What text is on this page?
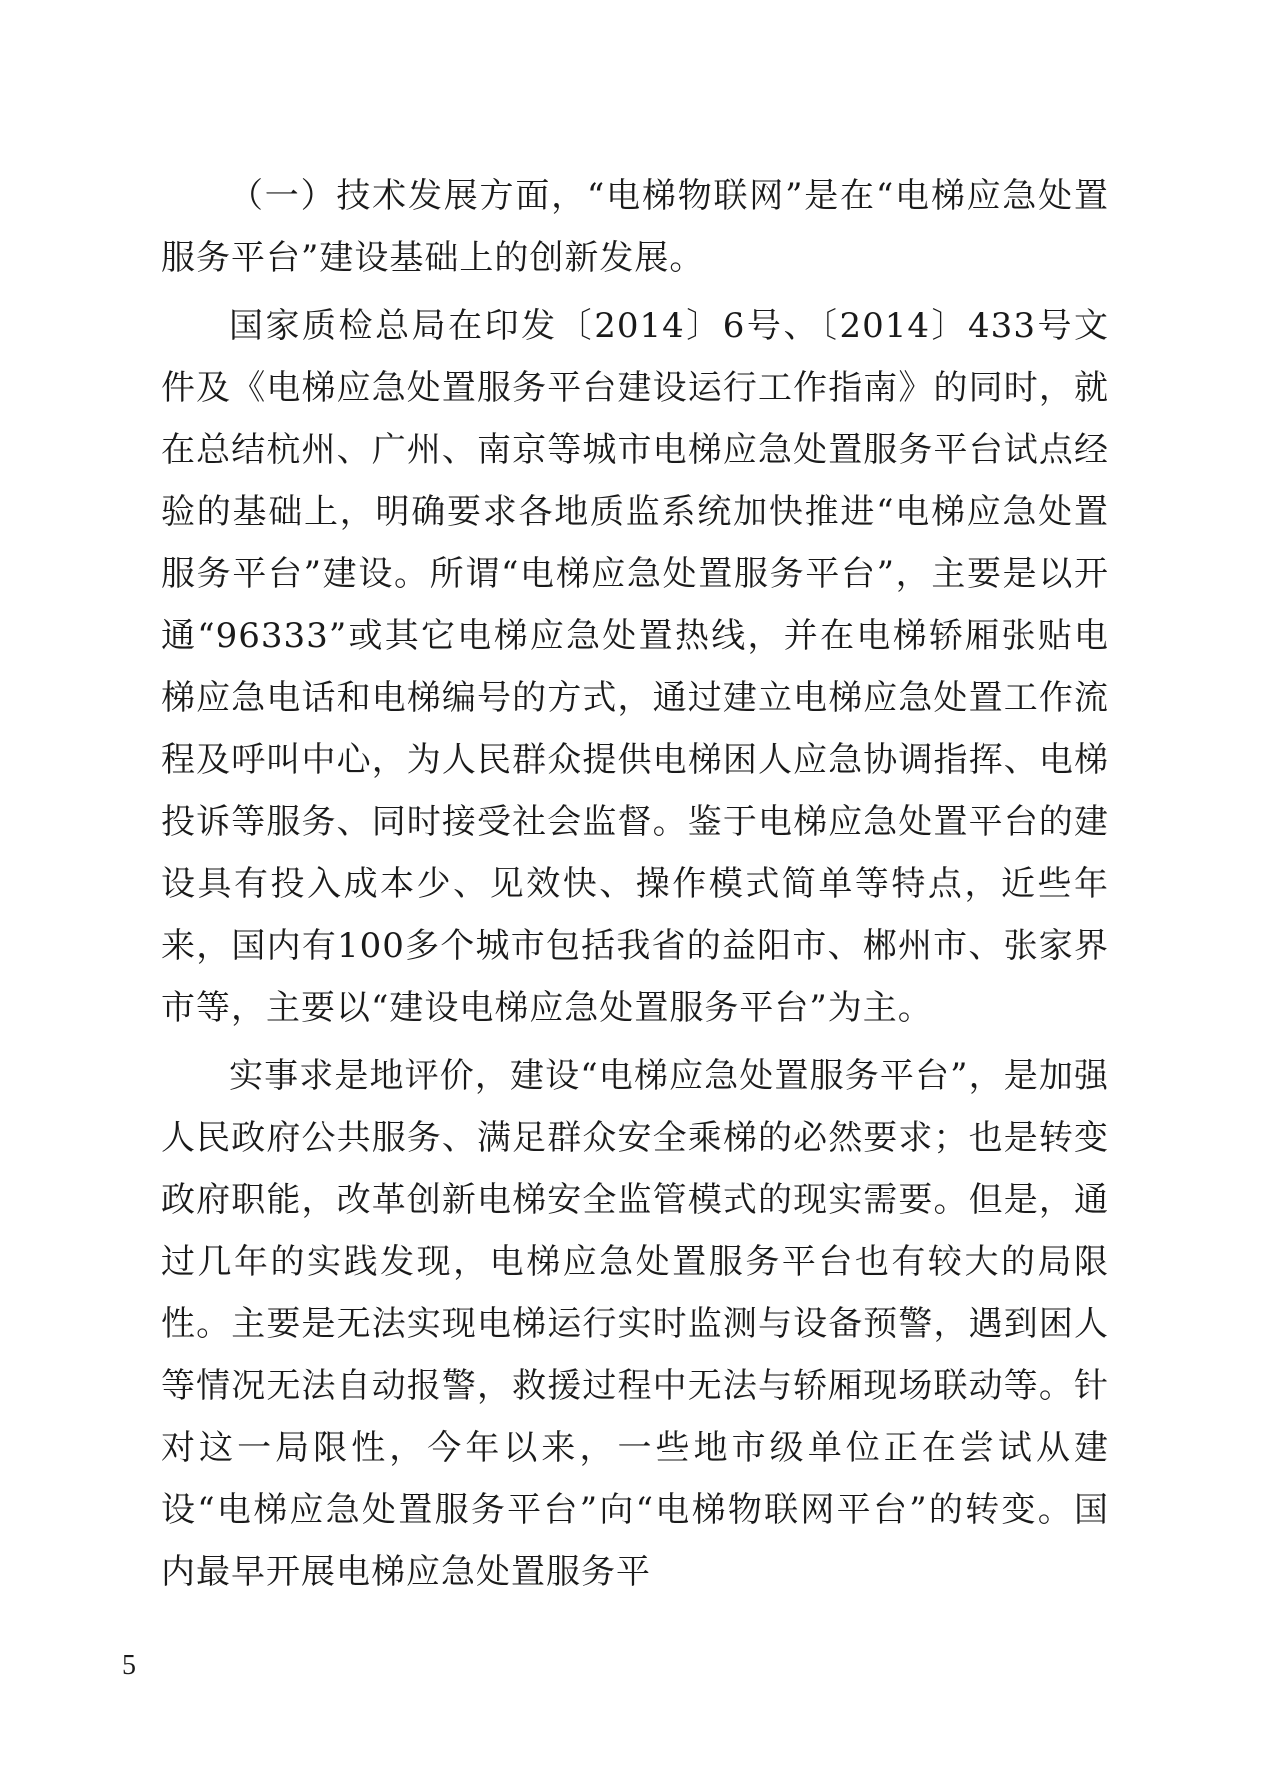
（一）技术发展方面，“电梯物联网”是在“电梯应急处置服务平台”建设基础上的创新发展。

国家质检总局在印发〔2014〕6号、〔2014〕433号文件及《电梯应急处置服务平台建设运行工作指南》的同时，就在总结杭州、广州、南京等城市电梯应急处置服务平台试点经验的基础上，明确要求各地质监系统加快推进“电梯应急处置服务平台”建设。所谓“电梯应急处置服务平台”，主要是以开通“96333”或其它电梯应急处置热线，并在电梯轿厢张贴电梯应急电话和电梯编号的方式，通过建立电梯应急处置工作流程及呼叫中心，为人民群众提供电梯困人应急协调指挥、电梯投诉等服务、同时接受社会监督。鉴于电梯应急处置平台的建设具有投入成本少、见效快、操作模式简单等特点，近些年来，国内有100多个城市包括我省的益阳市、郴州市、张家界市等，主要以“建设电梯应急处置服务平台”为主。

实事求是地评价，建设“电梯应急处置服务平台”，是加强人民政府公共服务、满足群众安全乘梯的必然要求；也是转变政府职能，改革创新电梯安全监管模式的现实需要。但是，通过几年的实践发现，电梯应急处置服务平台也有较大的局限性。主要是无法实现电梯运行实时监测与设备预警，遇到困人等情况无法自动报警，救援过程中无法与轿厢现场联动等。针对这一局限性，今年以来，一些地市级单位正在尝试从建设“电梯应急处置服务平台”向“电梯物联网平台”的转变。国内最早开展电梯应急处置服务平

5
